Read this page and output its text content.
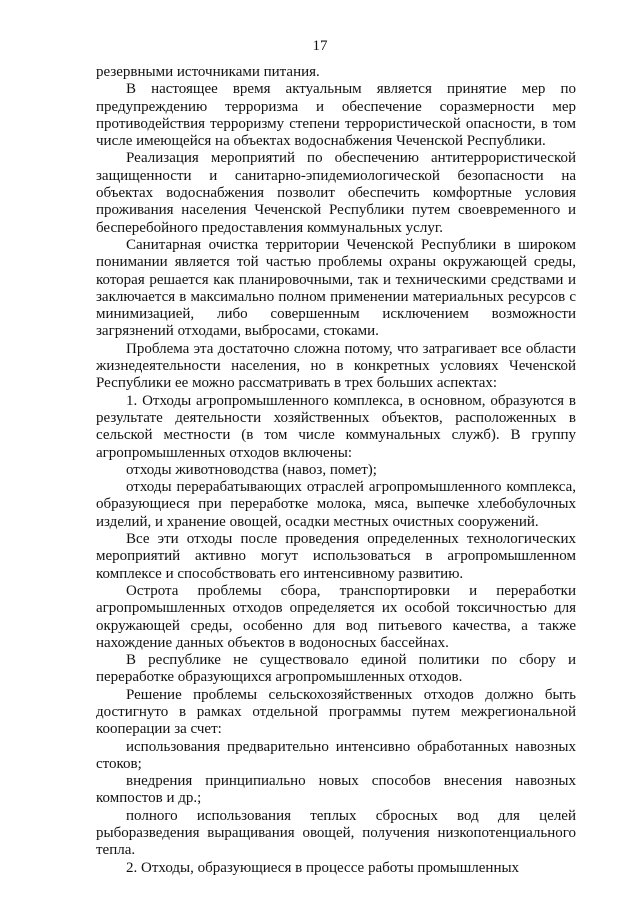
17

резервными источниками питания.

В настоящее время актуальным является принятие мер по предупреждению терроризма и обеспечение соразмерности мер противодействия терроризму степени террористической опасности, в том числе имеющейся на объектах водоснабжения Чеченской Республики.

Реализация мероприятий по обеспечению антитеррористической защищенности и санитарно-эпидемиологической безопасности на объектах водоснабжения позволит обеспечить комфортные условия проживания населения Чеченской Республики путем своевременного и бесперебойного предоставления коммунальных услуг.

Санитарная очистка территории Чеченской Республики в широком понимании является той частью проблемы охраны окружающей среды, которая решается как планировочными, так и техническими средствами и заключается в максимально полном применении материальных ресурсов с минимизацией, либо совершенным исключением возможности загрязнений отходами, выбросами, стоками.

Проблема эта достаточно сложна потому, что затрагивает все области жизнедеятельности населения, но в конкретных условиях Чеченской Республики ее можно рассматривать в трех больших аспектах:

1. Отходы агропромышленного комплекса, в основном, образуются в результате деятельности хозяйственных объектов, расположенных в сельской местности (в том числе коммунальных служб). В группу агропромышленных отходов включены:

отходы животноводства (навоз, помет);

отходы перерабатывающих отраслей агропромышленного комплекса, образующиеся при переработке молока, мяса, выпечке хлебобулочных изделий, и хранение овощей, осадки местных очистных сооружений.

Все эти отходы после проведения определенных технологических мероприятий активно могут использоваться в агропромышленном комплексе и способствовать его интенсивному развитию.

Острота проблемы сбора, транспортировки и переработки агропромышленных отходов определяется их особой токсичностью для окружающей среды, особенно для вод питьевого качества, а также нахождение данных объектов в водоносных бассейнах.

В республике не существовало единой политики по сбору и переработке образующихся агропромышленных отходов.

Решение проблемы сельскохозяйственных отходов должно быть достигнуто в рамках отдельной программы путем межрегиональной кооперации за счет:

использования предварительно интенсивно обработанных навозных стоков;

внедрения принципиально новых способов внесения навозных компостов и др.;

полного использования теплых сбросных вод для целей рыборазведения выращивания овощей, получения низкопотенциального тепла.

2. Отходы, образующиеся в процессе работы промышленных
